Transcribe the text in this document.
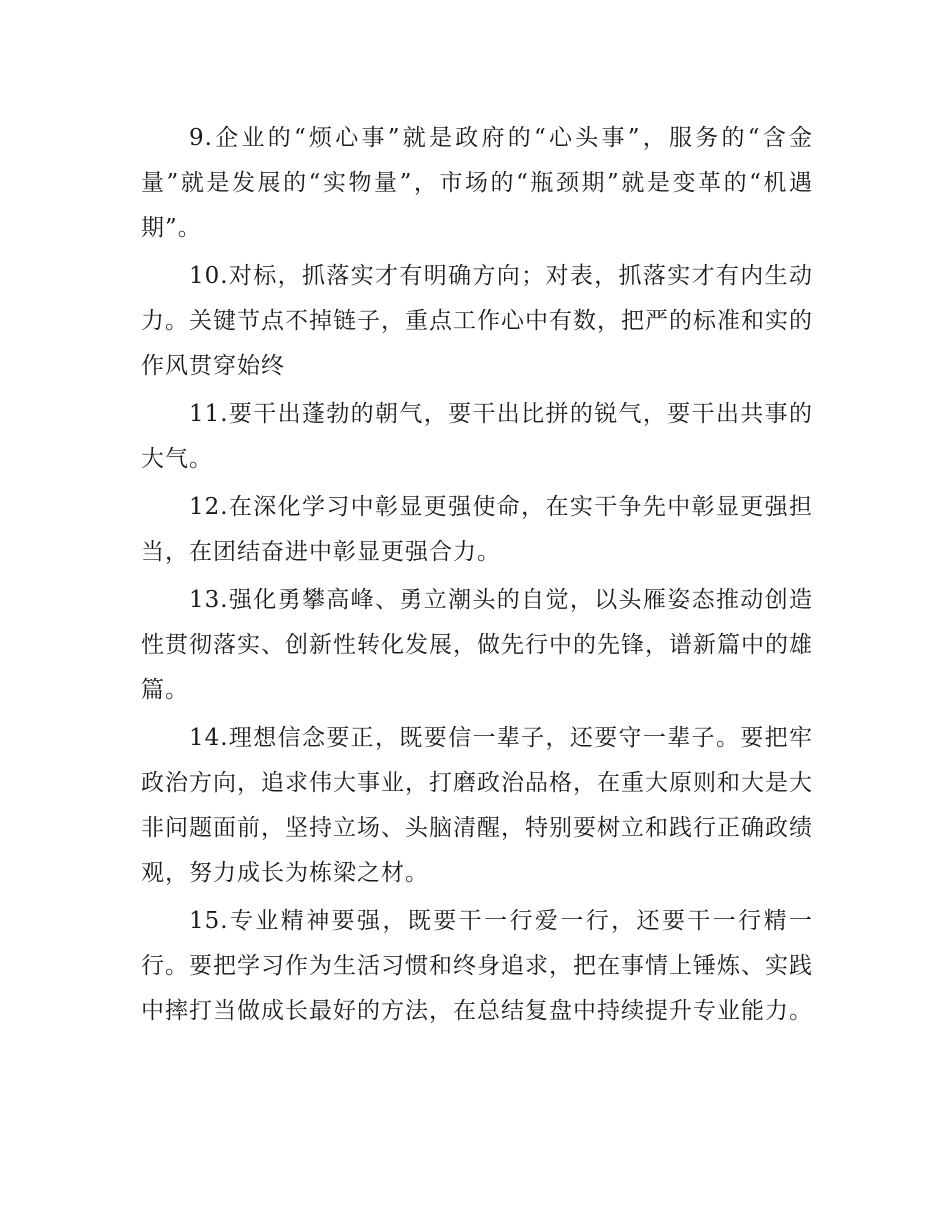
9.企业的“烦心事”就是政府的“心头事”，服务的“含金量”就是发展的“实物量”，市场的“瓶颈期”就是变革的“机遇期”。

10.对标，抓落实才有明确方向；对表，抓落实才有内生动力。关键节点不掉链子，重点工作心中有数，把严的标准和实的作风贯穿始终

11.要干出蓬勃的朝气，要干出比拼的锐气，要干出共事的大气。

12.在深化学习中彰显更强使命，在实干争先中彰显更强担当，在团结奋进中彰显更强合力。

13.强化勇攀高峰、勇立潮头的自觉，以头雁姿态推动创造性贯彻落实、创新性转化发展，做先行中的先锋，谱新篇中的雄篇。

14.理想信念要正，既要信一辈子，还要守一辈子。要把牢政治方向，追求伟大事业，打磨政治品格，在重大原则和大是大非问题面前，坚持立场、头脑清醒，特别要树立和践行正确政绩观，努力成长为栋梁之材。

15.专业精神要强，既要干一行爱一行，还要干一行精一行。要把学习作为生活习惯和终身追求，把在事情上锤炼、实践中摔打当做成长最好的方法，在总结复盘中持续提升专业能力。
